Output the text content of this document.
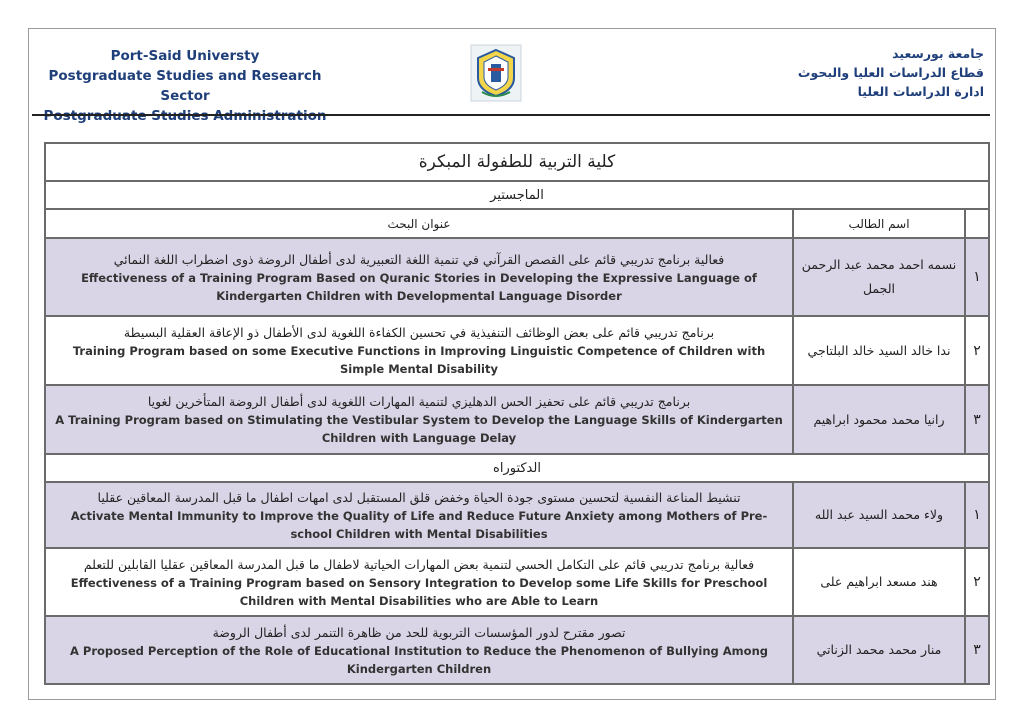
Port-Said Universty
Postgraduate Studies and Research Sector
Postgraduate Studies Administration
جامعة بورسعيد
قطاع الدراسات العليا والبحوث
ادارة الدراسات العليا
كلية التربية للطفولة المبكرة		
الماجستير		
عنوان البحث	اسم الطالب	

فعالية برنامج تدريبي قائم على القصص القرآني في تنمية اللغة التعبيرية لدى أطفال الروضة ذوى اضطراب اللغة النمائي
Effectiveness of a Training Program Based on Quranic Stories in Developing the Expressive Language of Kindergarten Children with Developmental Language Disorder	نسمه احمد محمد عبد الرحمن الجمل	١

برنامج تدريبي قائم على بعض الوظائف التنفيذية في تحسين الكفاءة اللغوية لدى الأطفال ذو الإعاقة العقلية البسيطة
Training Program based on some Executive Functions in Improving Linguistic Competence of Children with Simple Mental Disability	ندا خالد السيد خالد البلتاجي	٢

برنامج تدريبي قائم على تحفيز الحس الدهليزي لتنمية المهارات اللغوية لدى أطفال الروضة المتأخرين لغويا
A Training Program based on Stimulating the Vestibular System to Develop the Language Skills of Kindergarten Children with Language Delay	رانيا محمد محمود ابراهيم	٣
الدكتوراه		

تنشيط المناعة النفسية لتحسين مستوى جودة الحياة وخفض قلق المستقبل لدى امهات اطفال ما قبل المدرسة المعاقين عقليا
Activate Mental Immunity to Improve the Quality of Life and Reduce Future Anxiety among Mothers of Pre-school Children with Mental Disabilities	ولاء محمد السيد عبد الله	١

فعالية برنامج تدريبي قائم على التكامل الحسي لتنمية بعض المهارات الحياتية لاطفال ما قبل المدرسة المعاقين عقليا القابلين للتعلم
Effectiveness of a Training Program based on Sensory Integration to Develop some Life Skills for Preschool Children with Mental Disabilities who are Able to Learn	هند مسعد ابراهيم على	٢

تصور مقترح لدور المؤسسات التربوية للحد من ظاهرة التنمر لدى أطفال الروضة
A Proposed Perception of the Role of Educational Institution to Reduce the Phenomenon of Bullying Among Kindergarten Children	منار محمد محمد الزناتي	٣
